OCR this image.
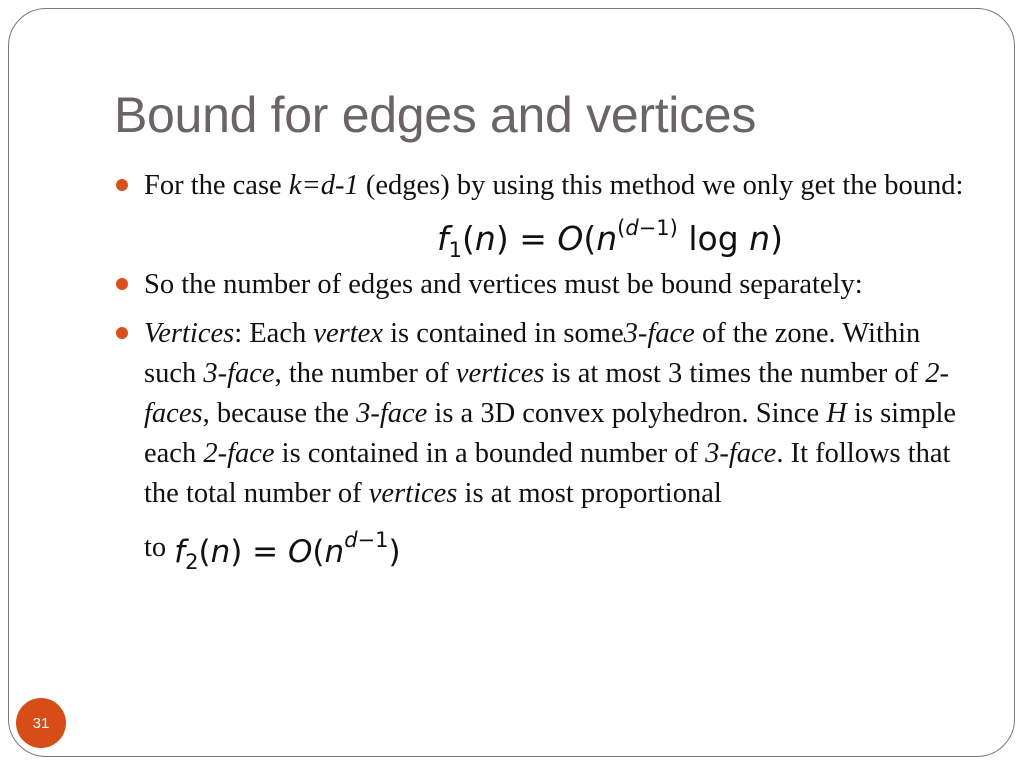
Bound for edges and vertices
For the case k=d-1 (edges) by using this method we only get the bound:
$f_1(n) = O(n^{(d-1)}$ log n)
So the number of edges and vertices must be bound separately:
Vertices: Each vertex is contained in some3-face of the zone. Within such 3-face, the number of vertices is at most 3 times the number of 2-faces, because the 3-face is a 3D convex polyhedron. Since H is simple each 2-face is contained in a bounded number of 3-face. It follows that the total number of vertices is at most proportional to $f_2(n) = O(n^{d-1})$
31
